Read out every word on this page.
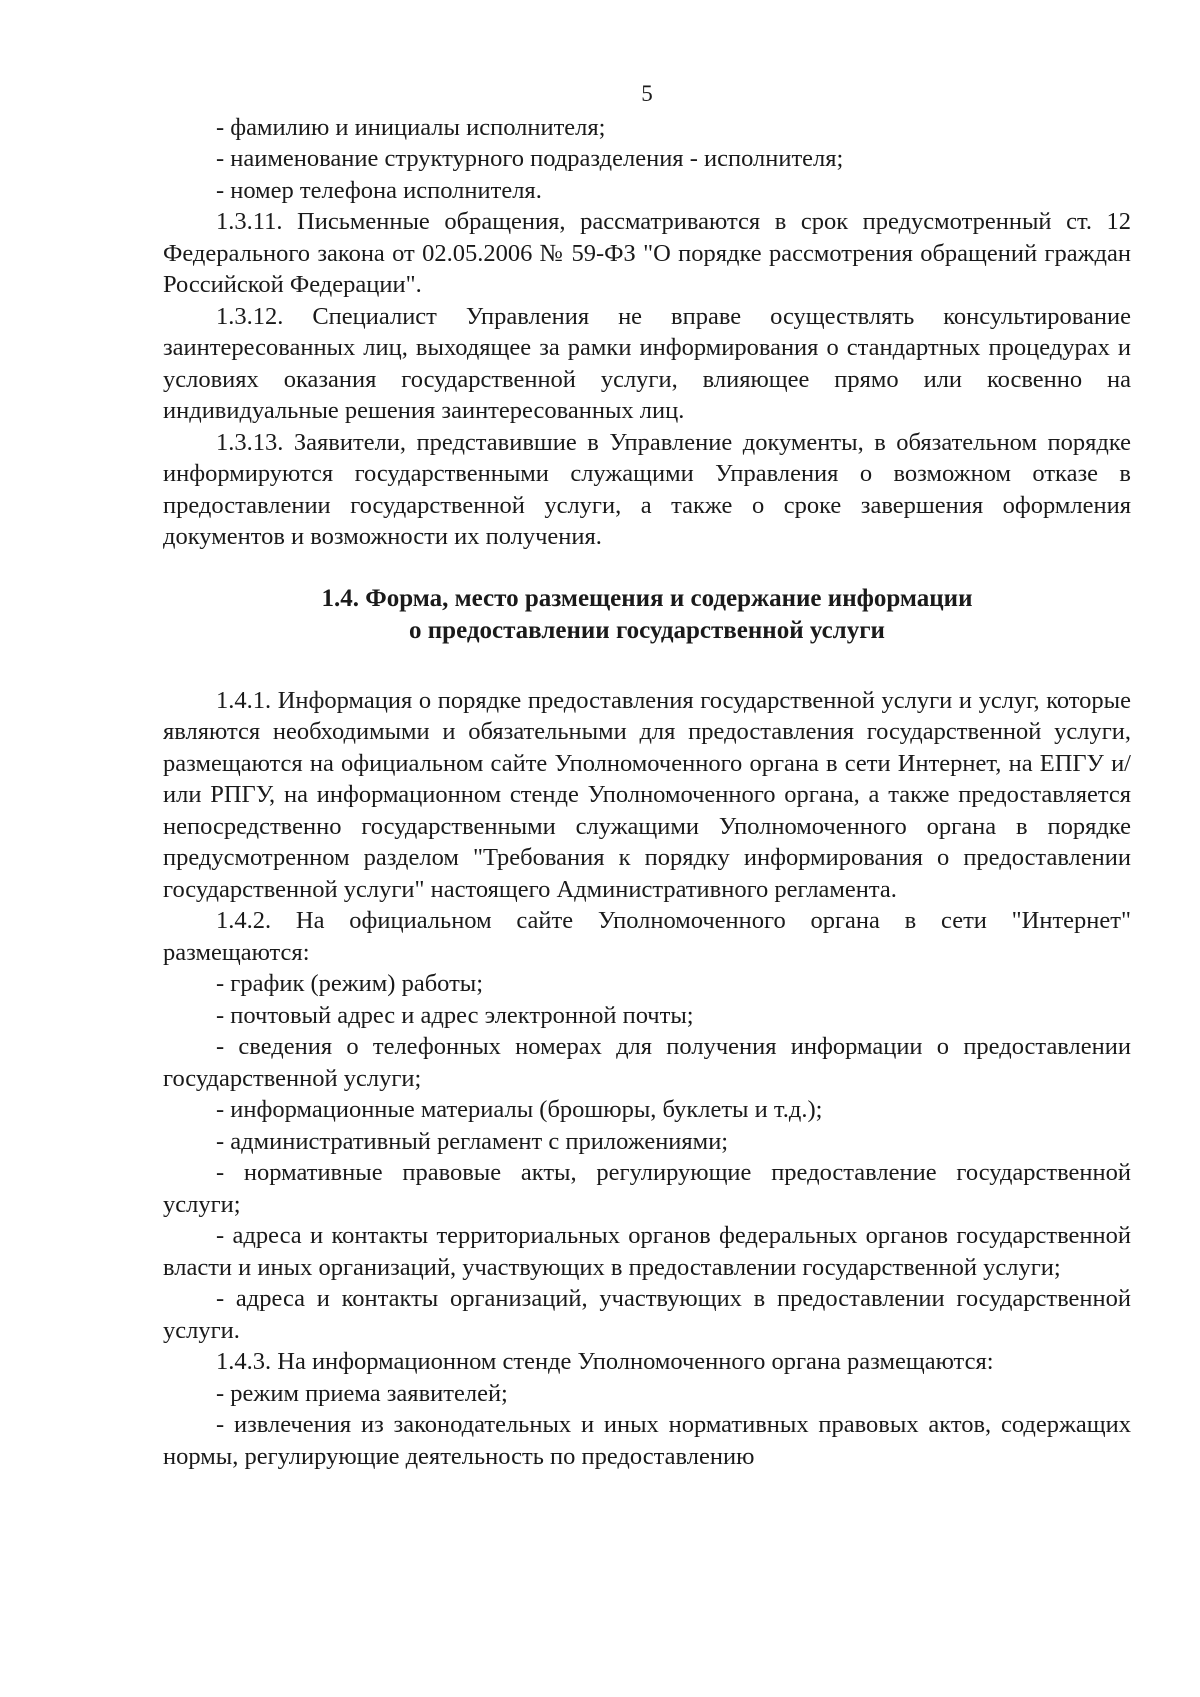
5

- фамилию и инициалы исполнителя;

- наименование структурного подразделения - исполнителя;

- номер телефона исполнителя.

1.3.11. Письменные обращения, рассматриваются в срок предусмотренный ст. 12 Федерального закона от 02.05.2006 № 59-ФЗ "О порядке рассмотрения обращений граждан Российской Федерации".

1.3.12. Специалист Управления не вправе осуществлять консультирование заинтересованных лиц, выходящее за рамки информирования о стандартных процедурах и условиях оказания государственной услуги, влияющее прямо или косвенно на индивидуальные решения заинтересованных лиц.

1.3.13. Заявители, представившие в Управление документы, в обязательном порядке информируются государственными служащими Управления о возможном отказе в предоставлении государственной услуги, а также о сроке завершения оформления документов и возможности их получения.

1.4. Форма, место размещения и содержание информации
о предоставлении государственной услуги

1.4.1. Информация о порядке предоставления государственной услуги и услуг, которые являются необходимыми и обязательными для предоставления государственной услуги, размещаются на официальном сайте Уполномоченного органа в сети Интернет, на ЕПГУ и/или РПГУ, на информационном стенде Уполномоченного органа, а также предоставляется непосредственно государственными служащими Уполномоченного органа в порядке предусмотренном разделом "Требования к порядку информирования о предоставлении государственной услуги" настоящего Административного регламента.

1.4.2. На официальном сайте Уполномоченного органа в сети "Интернет" размещаются:

- график (режим) работы;

- почтовый адрес и адрес электронной почты;

- сведения о телефонных номерах для получения информации о предоставлении государственной услуги;

- информационные материалы (брошюры, буклеты и т.д.);

- административный регламент с приложениями;

- нормативные правовые акты, регулирующие предоставление государственной услуги;

- адреса и контакты территориальных органов федеральных органов государственной власти и иных организаций, участвующих в предоставлении государственной услуги;

- адреса и контакты организаций, участвующих в предоставлении государственной услуги.

1.4.3. На информационном стенде Уполномоченного органа размещаются:

- режим приема заявителей;

- извлечения из законодательных и иных нормативных правовых актов, содержащих нормы, регулирующие деятельность по предоставлению
